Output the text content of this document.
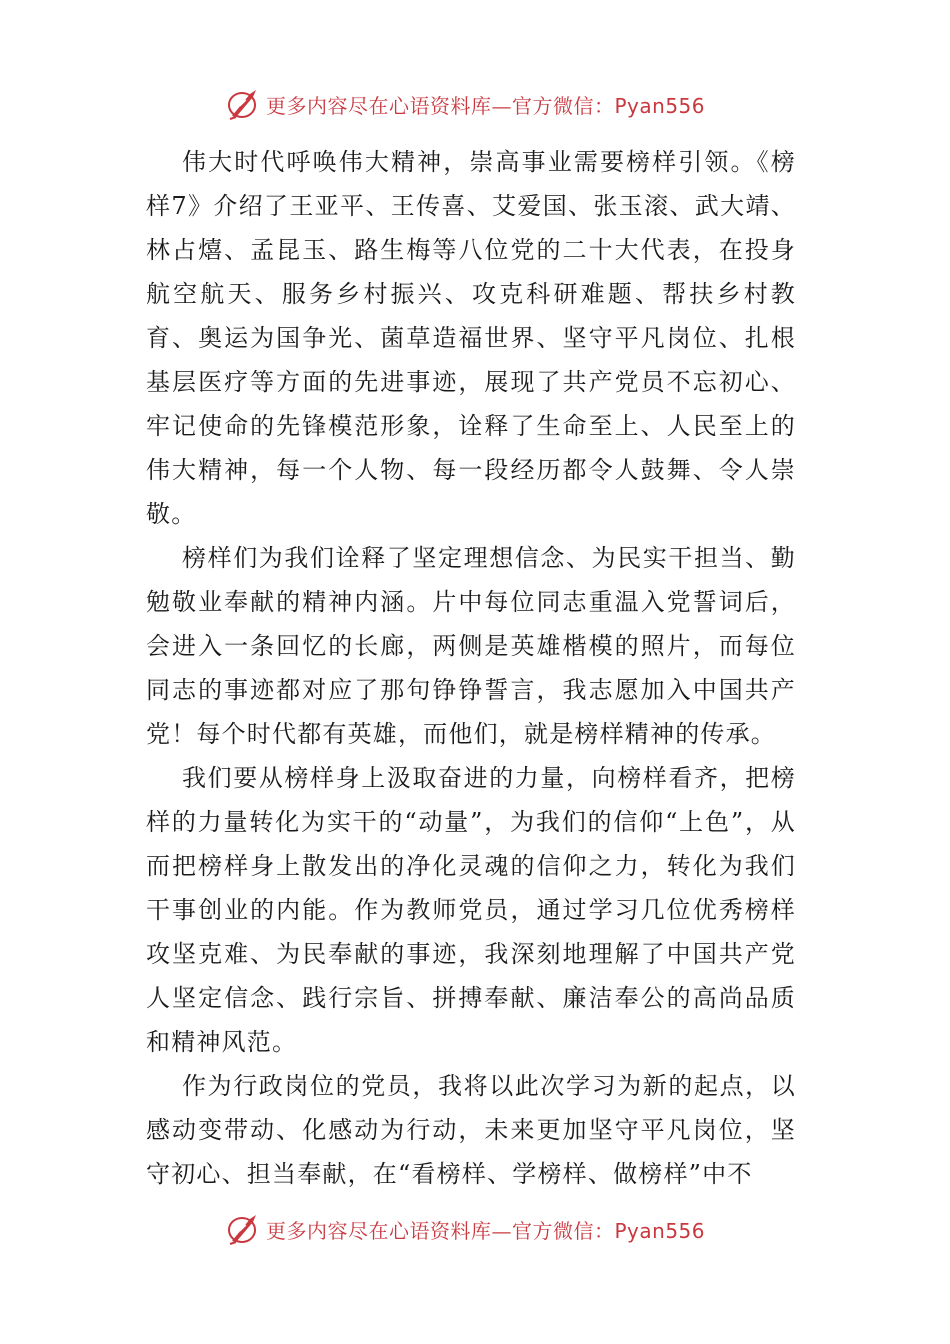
更多内容尽在心语资料库—官方微信：Pyan556

伟大时代呼唤伟大精神，崇高事业需要榜样引领。《榜样7》介绍了王亚平、王传喜、艾爱国、张玉滚、武大靖、林占熺、孟昆玉、路生梅等八位党的二十大代表，在投身航空航天、服务乡村振兴、攻克科研难题、帮扶乡村教育、奥运为国争光、菌草造福世界、坚守平凡岗位、扎根基层医疗等方面的先进事迹，展现了共产党员不忘初心、牢记使命的先锋模范形象，诠释了生命至上、人民至上的伟大精神，每一个人物、每一段经历都令人鼓舞、令人崇敬。

榜样们为我们诠释了坚定理想信念、为民实干担当、勤勉敬业奉献的精神内涵。片中每位同志重温入党誓词后，会进入一条回忆的长廊，两侧是英雄楷模的照片，而每位同志的事迹都对应了那句铮铮誓言，我志愿加入中国共产党！每个时代都有英雄，而他们，就是榜样精神的传承。

我们要从榜样身上汲取奋进的力量，向榜样看齐，把榜样的力量转化为实干的“动量”，为我们的信仰“上色”，从而把榜样身上散发出的净化灵魂的信仰之力，转化为我们干事创业的内能。作为教师党员，通过学习几位优秀榜样攻坚克难、为民奉献的事迹，我深刻地理解了中国共产党人坚定信念、践行宗旨、拼搏奉献、廉洁奉公的高尚品质和精神风范。

作为行政岗位的党员，我将以此次学习为新的起点，以感动变带动、化感动为行动，未来更加坚守平凡岗位，坚守初心、担当奉献，在“看榜样、学榜样、做榜样”中不

更多内容尽在心语资料库—官方微信：Pyan556
